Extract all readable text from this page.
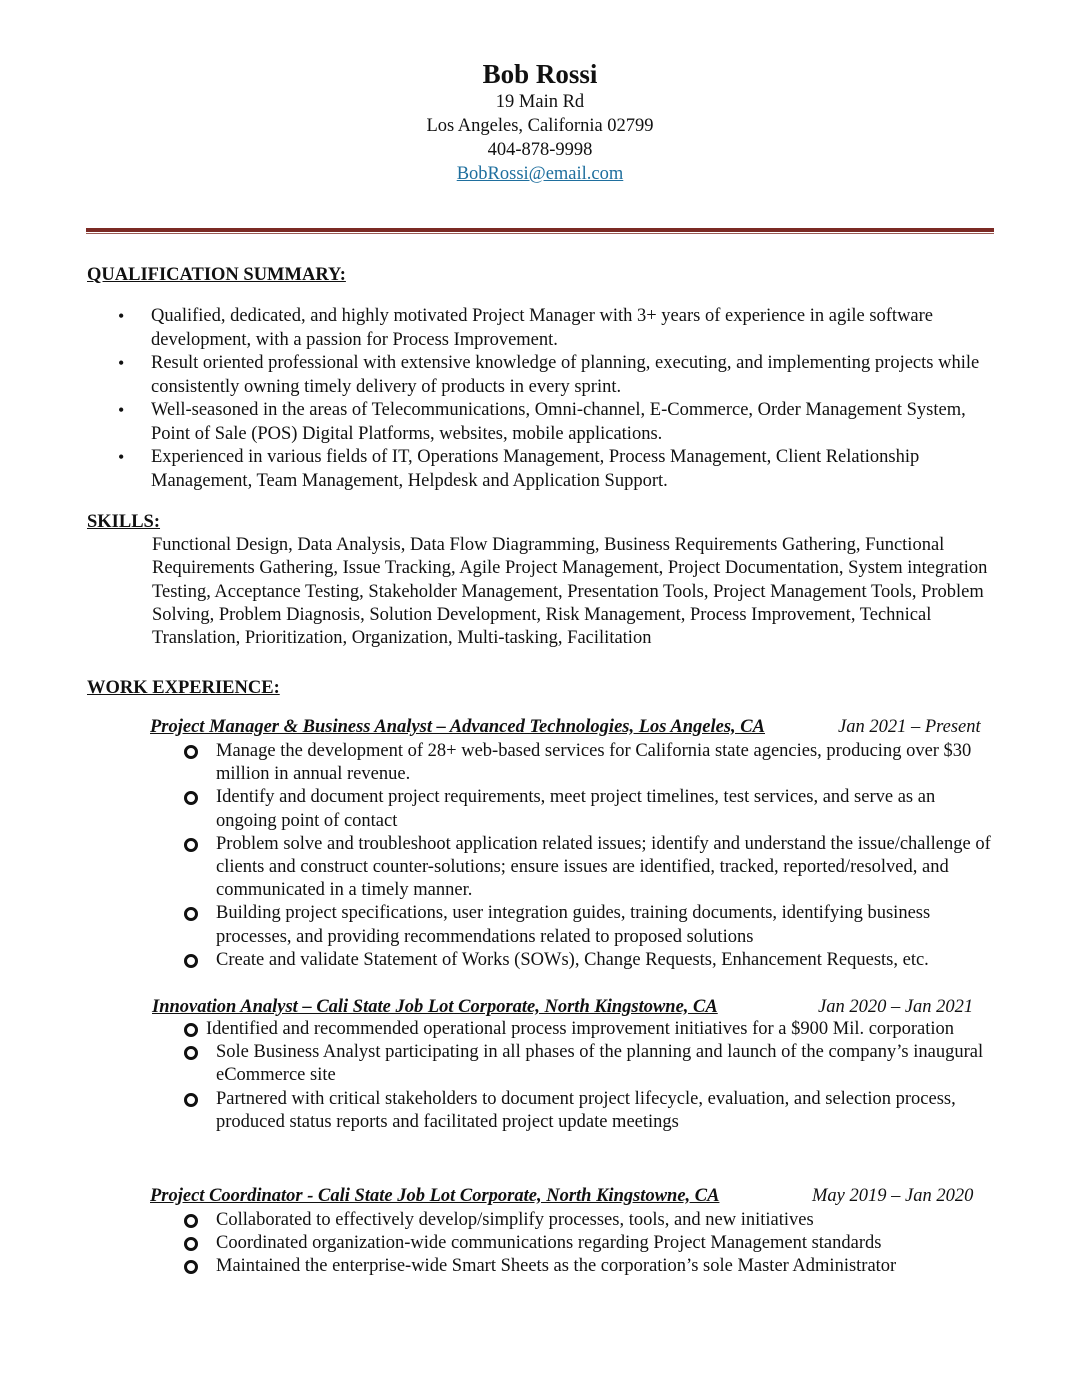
Bob Rossi
19 Main Rd
Los Angeles, California 02799
404-878-9998
BobRossi@email.com
QUALIFICATION SUMMARY:
• Qualified, dedicated, and highly motivated Project Manager with 3+ years of experience in agile software development, with a passion for Process Improvement.
• Result oriented professional with extensive knowledge of planning, executing, and implementing projects while consistently owning timely delivery of products in every sprint.
• Well-seasoned in the areas of Telecommunications, Omni-channel, E-Commerce, Order Management System, Point of Sale (POS) Digital Platforms, websites, mobile applications.
• Experienced in various fields of IT, Operations Management, Process Management, Client Relationship Management, Team Management, Helpdesk and Application Support.
SKILLS:
Functional Design, Data Analysis, Data Flow Diagramming, Business Requirements Gathering, Functional Requirements Gathering, Issue Tracking, Agile Project Management, Project Documentation, System integration Testing, Acceptance Testing, Stakeholder Management, Presentation Tools, Project Management Tools, Problem Solving, Problem Diagnosis, Solution Development, Risk Management, Process Improvement, Technical Translation, Prioritization, Organization, Multi-tasking, Facilitation
WORK EXPERIENCE:
Project Manager & Business Analyst – Advanced Technologies, Los Angeles, CA	Jan 2021 – Present
Manage the development of 28+ web-based services for California state agencies, producing over $30 million in annual revenue.
Identify and document project requirements, meet project timelines, test services, and serve as an ongoing point of contact
Problem solve and troubleshoot application related issues; identify and understand the issue/challenge of clients and construct counter-solutions; ensure issues are identified, tracked, reported/resolved, and communicated in a timely manner.
Building project specifications, user integration guides, training documents, identifying business processes, and providing recommendations related to proposed solutions
Create and validate Statement of Works (SOWs), Change Requests, Enhancement Requests, etc.
Innovation Analyst – Cali State Job Lot Corporate, North Kingstowne, CA	Jan 2020 – Jan 2021
Identified and recommended operational process improvement initiatives for a $900 Mil. corporation
Sole Business Analyst participating in all phases of the planning and launch of the company’s inaugural eCommerce site
Partnered with critical stakeholders to document project lifecycle, evaluation, and selection process, produced status reports and facilitated project update meetings
Project Coordinator - Cali State Job Lot Corporate, North Kingstowne, CA	May 2019 – Jan 2020
Collaborated to effectively develop/simplify processes, tools, and new initiatives
Coordinated organization-wide communications regarding Project Management standards
Maintained the enterprise-wide Smart Sheets as the corporation’s sole Master Administrator
